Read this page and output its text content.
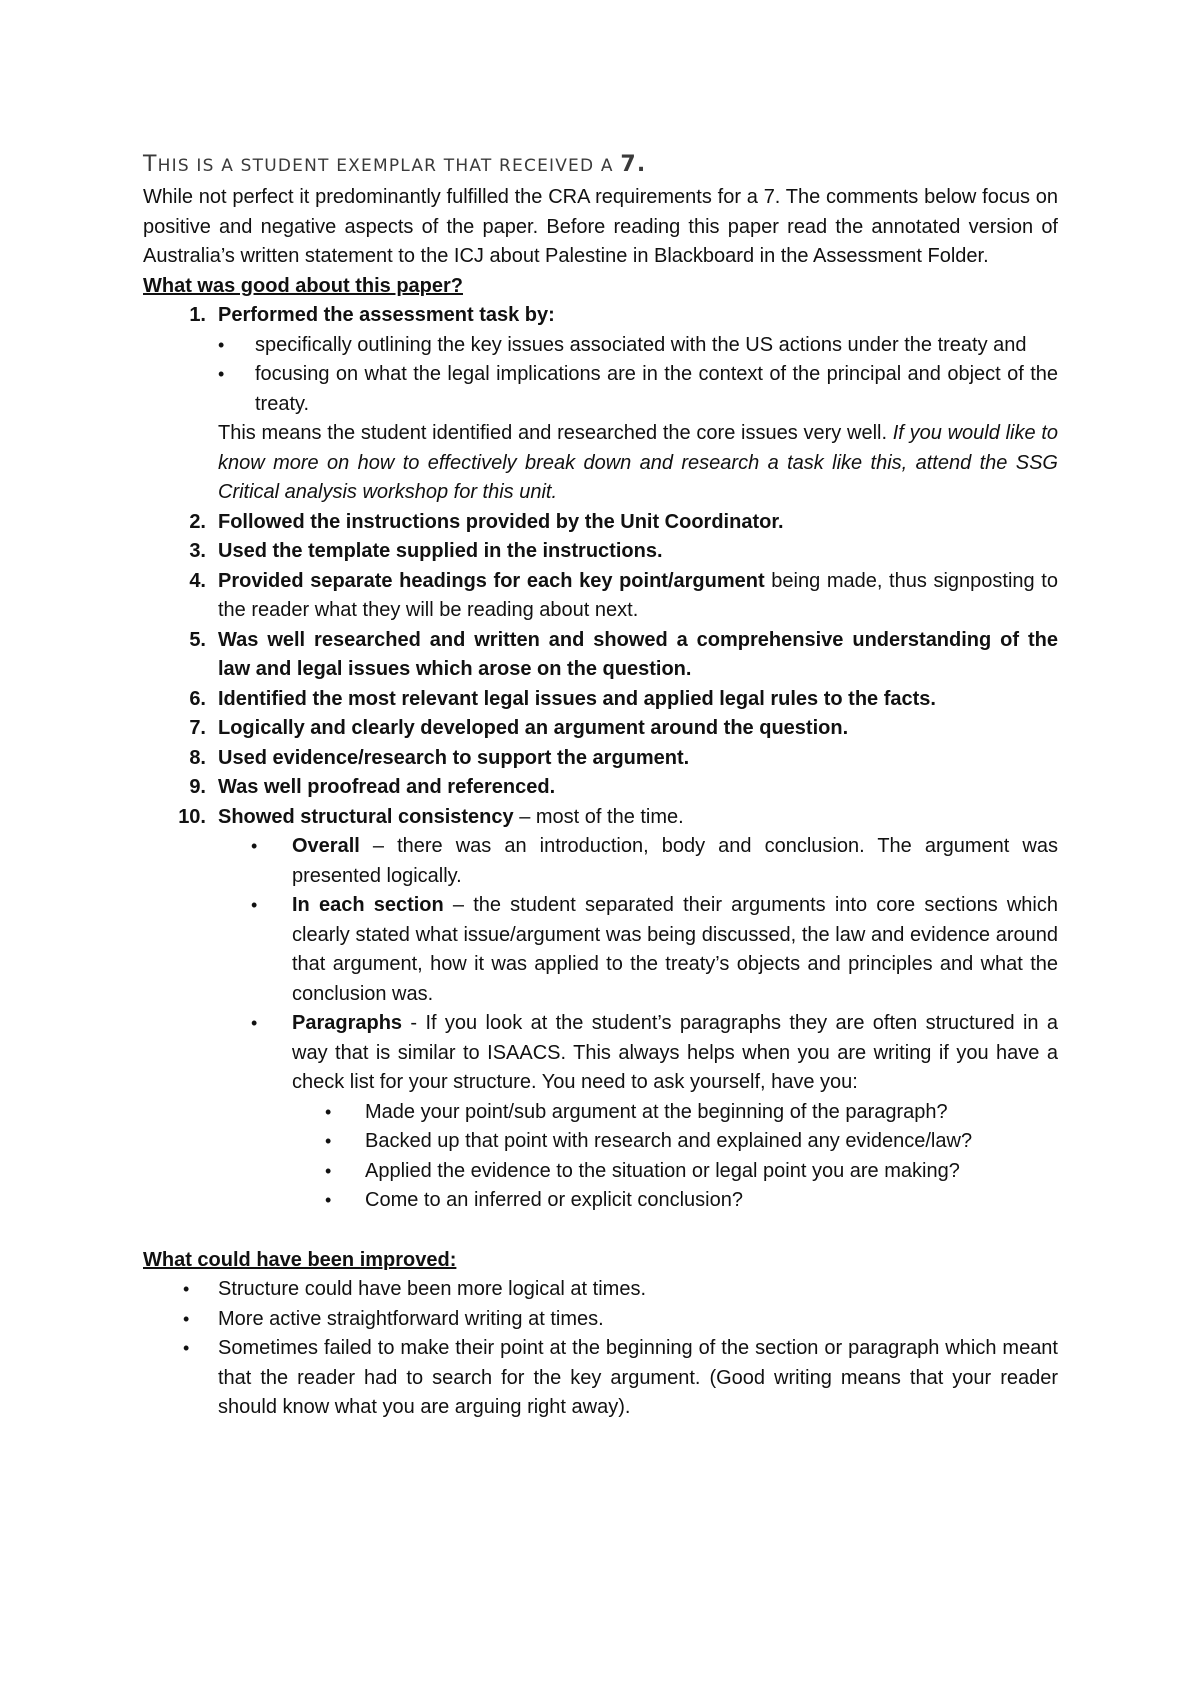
THIS IS A STUDENT EXEMPLAR THAT RECEIVED A 7.
While not perfect it predominantly fulfilled the CRA requirements for a 7. The comments below focus on positive and negative aspects of the paper. Before reading this paper read the annotated version of Australia’s written statement to the ICJ about Palestine in Blackboard in the Assessment Folder.
What was good about this paper?
1. Performed the assessment task by:
• specifically outlining the key issues associated with the US actions under the treaty and
• focusing on what the legal implications are in the context of the principal and object of the treaty.
This means the student identified and researched the core issues very well. If you would like to know more on how to effectively break down and research a task like this, attend the SSG Critical analysis workshop for this unit.
2. Followed the instructions provided by the Unit Coordinator.
3. Used the template supplied in the instructions.
4. Provided separate headings for each key point/argument being made, thus signposting to the reader what they will be reading about next.
5. Was well researched and written and showed a comprehensive understanding of the law and legal issues which arose on the question.
6. Identified the most relevant legal issues and applied legal rules to the facts.
7. Logically and clearly developed an argument around the question.
8. Used evidence/research to support the argument.
9. Was well proofread and referenced.
10. Showed structural consistency – most of the time.
• Overall – there was an introduction, body and conclusion. The argument was presented logically.
• In each section – the student separated their arguments into core sections which clearly stated what issue/argument was being discussed, the law and evidence around that argument, how it was applied to the treaty’s objects and principles and what the conclusion was.
• Paragraphs - If you look at the student’s paragraphs they are often structured in a way that is similar to ISAACS. This always helps when you are writing if you have a check list for your structure. You need to ask yourself, have you:
• Made your point/sub argument at the beginning of the paragraph?
• Backed up that point with research and explained any evidence/law?
• Applied the evidence to the situation or legal point you are making?
• Come to an inferred or explicit conclusion?
What could have been improved:
• Structure could have been more logical at times.
• More active straightforward writing at times.
• Sometimes failed to make their point at the beginning of the section or paragraph which meant that the reader had to search for the key argument. (Good writing means that your reader should know what you are arguing right away).
